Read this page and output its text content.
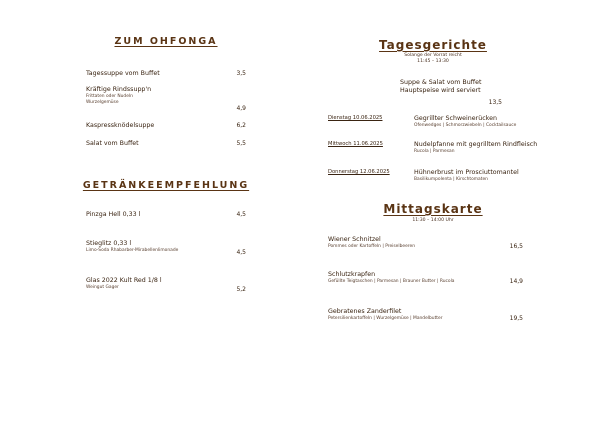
ZUM OHFONGA
Tagessuppe vom Buffet	3,5
Kräftige Rindssupp'n
Frittaten oder Nudeln
Wurzelgemüse
4,9
Kaspressknödelsuppe	6,2
Salat vom Buffet	5,5
GETRÄNKEEMPFEHLUNG
Pinzga Hell 0,33 l	4,5
Stieglitz 0,33 l
Limo-Soda Rhabarber-Mirabellenlimonade	4,5
Glas 2022 Kult Red 1/8 l
Weingut Gager	5,2
Tagesgerichte
Solange der Vorrat reicht
11:45 – 13:30
Suppe & Salat vom Buffet
Hauptspeise wird serviert
13,5
Dienstag 10.06.2025	Gegrillter Schweinerücken
Ofenwedges | Schmorzwiebeln | Cocktailsauce
Mittwoch 11.06.2025	Nudelpfanne mit gegrilltem Rindfleisch
Rucola | Parmesan
Donnerstag 12.06.2025	Hühnerbrust im Prosciuttomantel
Basilikumpolenta | Kirschtomaten
Mittagskarte
11:30 – 14:00 Uhr
Wiener Schnitzel
Pommes oder Kartoffeln | Preiselbeeren	16,5
Schlutzkrapfen
Gefüllte Teigtaschen | Parmesan | Brauner Butter | Rucola	14,9
Gebratenes Zanderfilet
Petersilienkartoffeln | Wurzelgemüse | Mandelbutter	19,5
